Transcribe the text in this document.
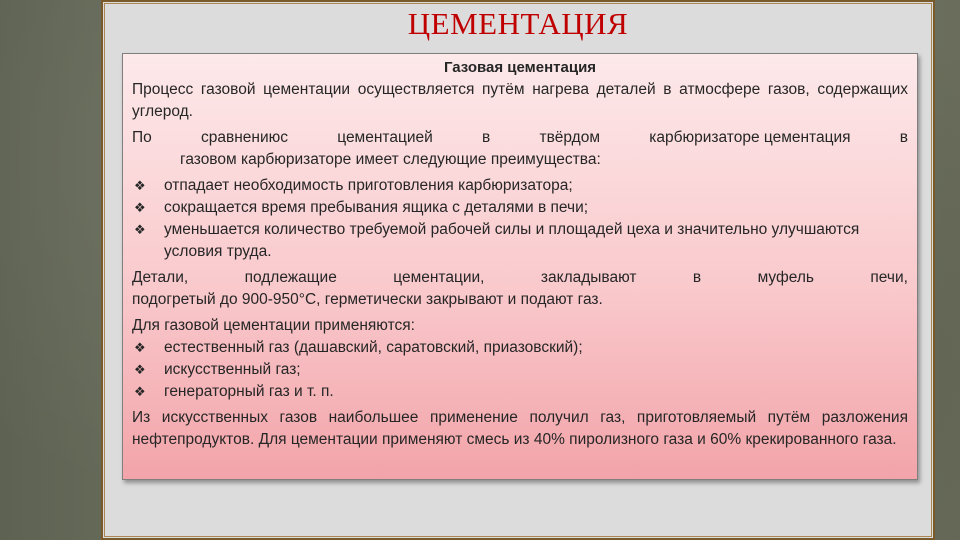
ЦЕМЕНТАЦИЯ
Газовая цементация

Процесс газовой цементации осуществляется путём нагрева деталей в атмосфере газов, содержащих углерод.

По	сравнениюс	цементацией	в	твёрдом	карбюризаторе цементация	в
газовом карбюризаторе имеет следующие преимущества:
❖ отпадает необходимость приготовления карбюризатора;
❖ сокращается время пребывания ящика с деталями в печи;
❖ уменьшается количество требуемой рабочей силы и площадей цеха и значительно улучшаются условия труда.
Детали,	подлежащие	цементации,	закладывают	в	муфель	печи,
подогретый до 900-950°С, герметически закрывают и подают газ.
Для газовой цементации применяются:
❖ естественный газ (дашавский, саратовский, приазовский);
❖ искусственный газ;
❖ генераторный газ и т. п.

Из искусственных газов наибольшее применение получил газ, приготовляемый путём разложения нефтепродуктов. Для цементации применяют смесь из 40% пиролизного газа и 60% крекированного газа.
